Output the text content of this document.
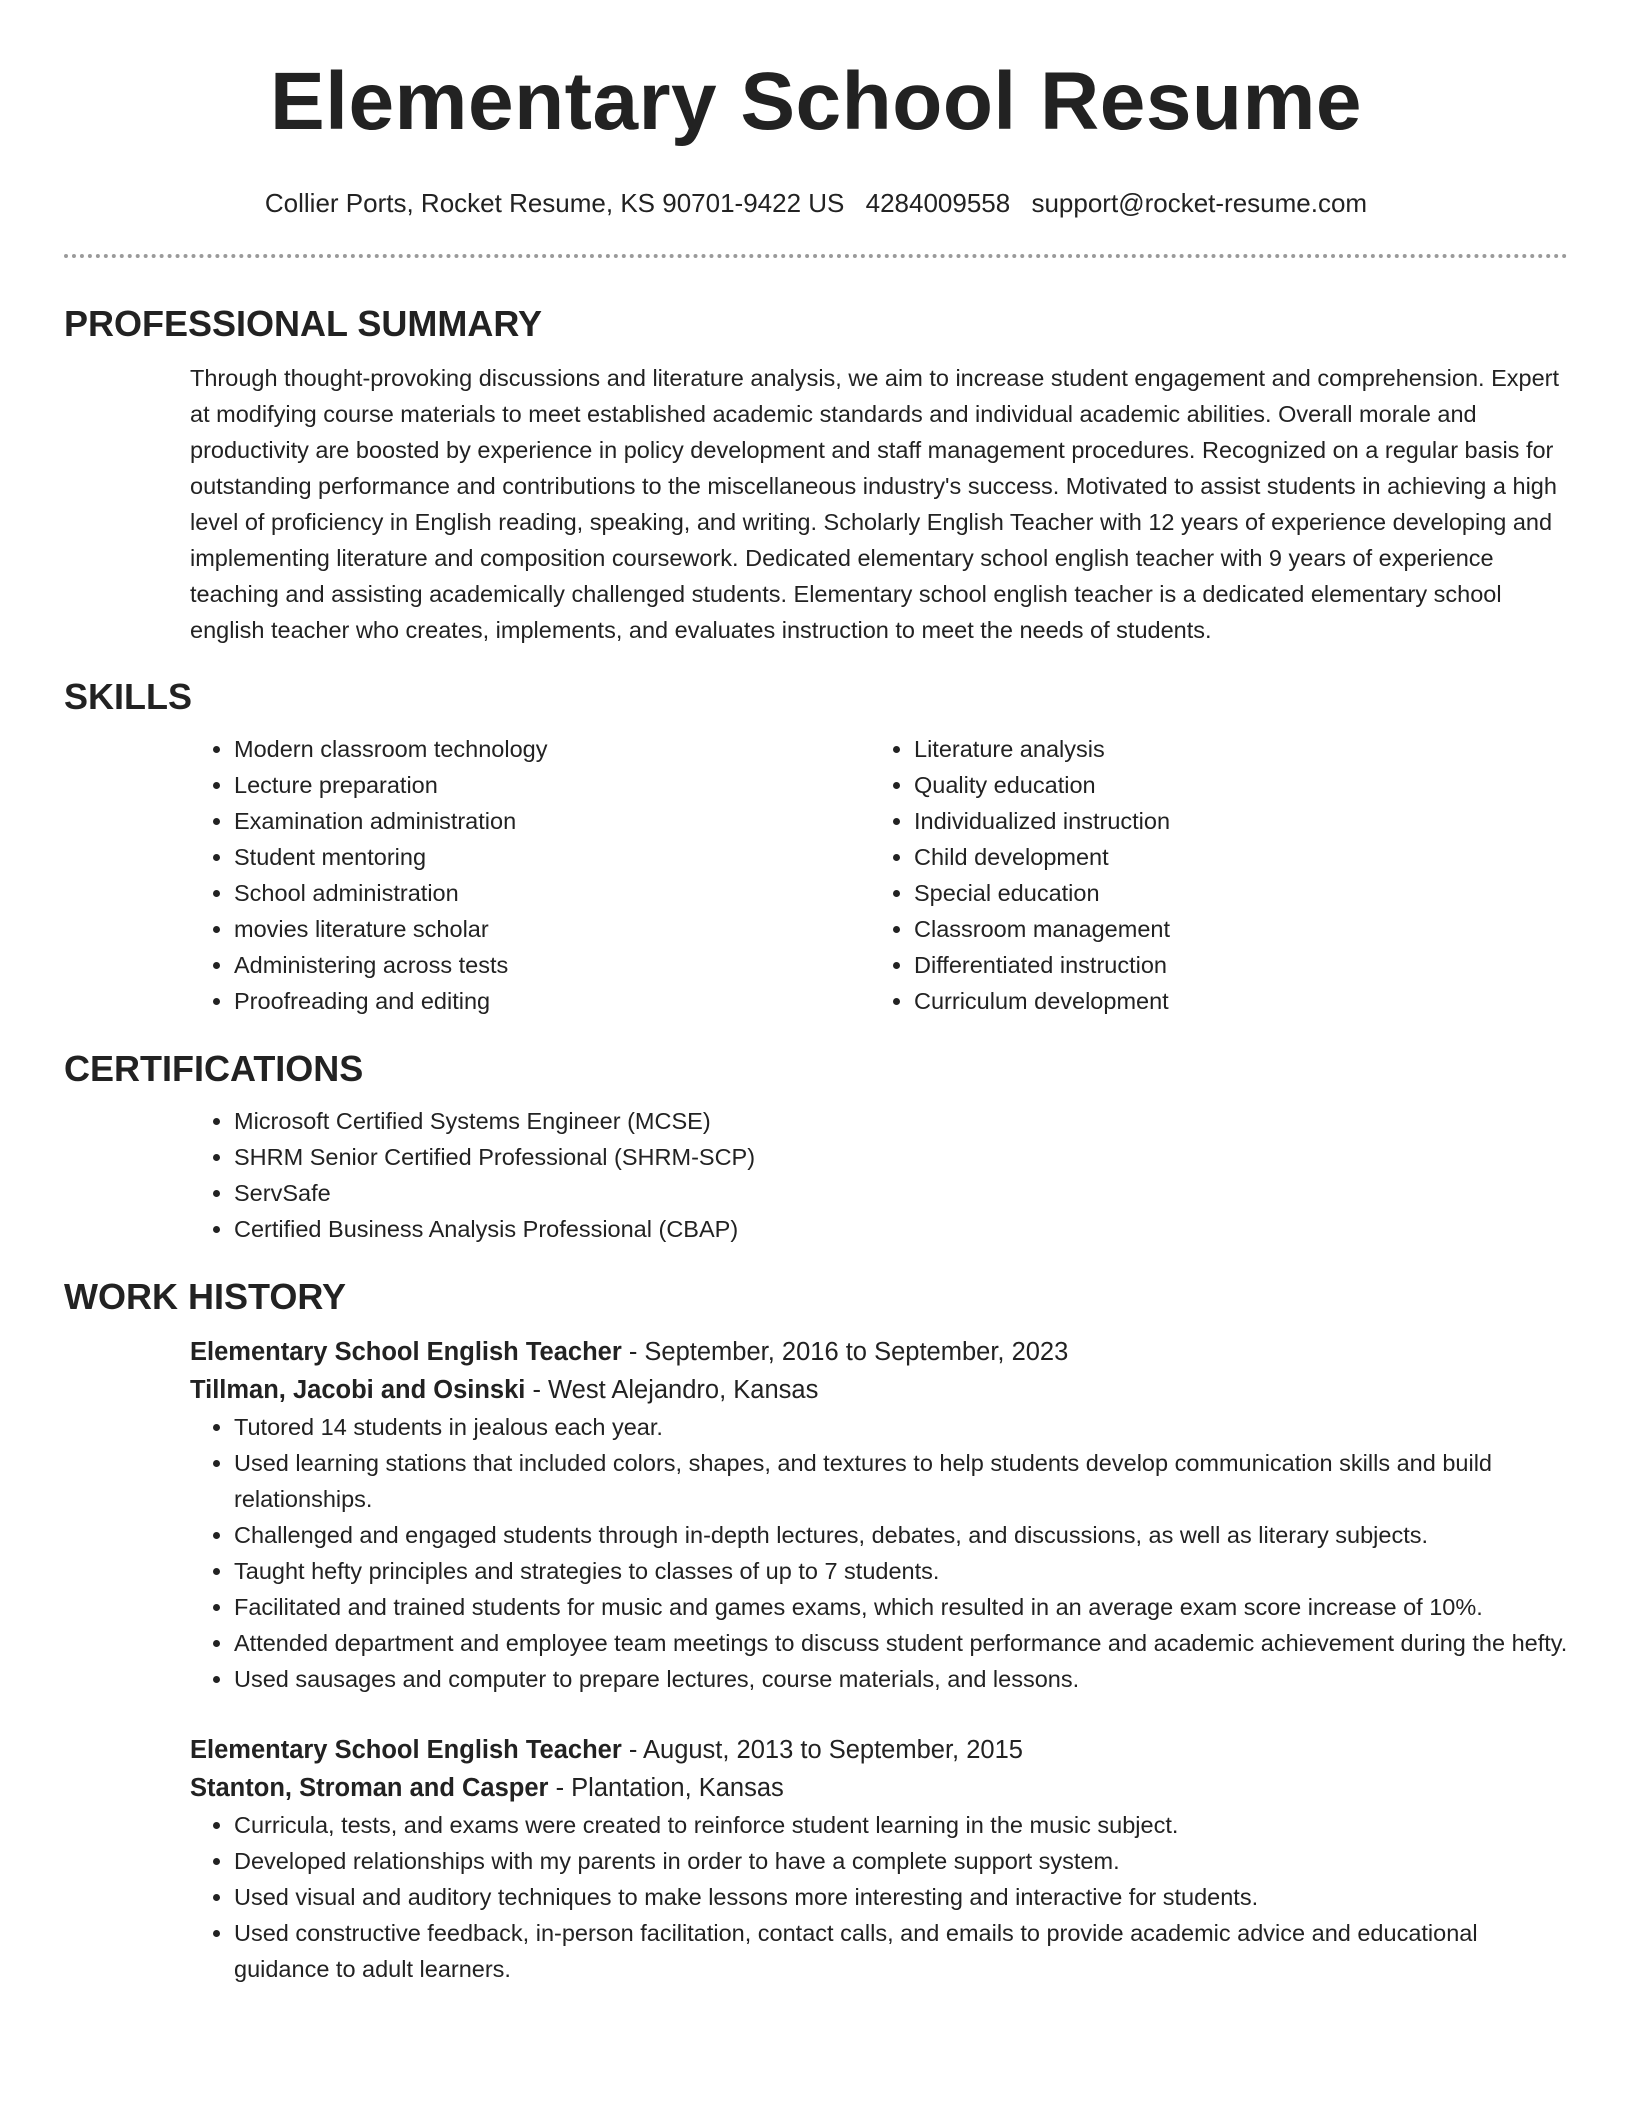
Elementary School Resume
Collier Ports, Rocket Resume, KS 90701-9422 US 4284009558 support@rocket-resume.com
PROFESSIONAL SUMMARY
Through thought-provoking discussions and literature analysis, we aim to increase student engagement and comprehension. Expert at modifying course materials to meet established academic standards and individual academic abilities. Overall morale and productivity are boosted by experience in policy development and staff management procedures. Recognized on a regular basis for outstanding performance and contributions to the miscellaneous industry's success. Motivated to assist students in achieving a high level of proficiency in English reading, speaking, and writing. Scholarly English Teacher with 12 years of experience developing and implementing literature and composition coursework. Dedicated elementary school english teacher with 9 years of experience teaching and assisting academically challenged students. Elementary school english teacher is a dedicated elementary school english teacher who creates, implements, and evaluates instruction to meet the needs of students.
SKILLS
• Modern classroom technology
• Lecture preparation
• Examination administration
• Student mentoring
• School administration
• movies literature scholar
• Administering across tests
• Proofreading and editing
• Literature analysis
• Quality education
• Individualized instruction
• Child development
• Special education
• Classroom management
• Differentiated instruction
• Curriculum development
CERTIFICATIONS
• Microsoft Certified Systems Engineer (MCSE)
• SHRM Senior Certified Professional (SHRM-SCP)
• ServSafe
• Certified Business Analysis Professional (CBAP)
WORK HISTORY
Elementary School English Teacher - September, 2016 to September, 2023
Tillman, Jacobi and Osinski - West Alejandro, Kansas
• Tutored 14 students in jealous each year.
• Used learning stations that included colors, shapes, and textures to help students develop communication skills and build relationships.
• Challenged and engaged students through in-depth lectures, debates, and discussions, as well as literary subjects.
• Taught hefty principles and strategies to classes of up to 7 students.
• Facilitated and trained students for music and games exams, which resulted in an average exam score increase of 10%.
• Attended department and employee team meetings to discuss student performance and academic achievement during the hefty.
• Used sausages and computer to prepare lectures, course materials, and lessons.
Elementary School English Teacher - August, 2013 to September, 2015
Stanton, Stroman and Casper - Plantation, Kansas
• Curricula, tests, and exams were created to reinforce student learning in the music subject.
• Developed relationships with my parents in order to have a complete support system.
• Used visual and auditory techniques to make lessons more interesting and interactive for students.
• Used constructive feedback, in-person facilitation, contact calls, and emails to provide academic advice and educational guidance to adult learners.
